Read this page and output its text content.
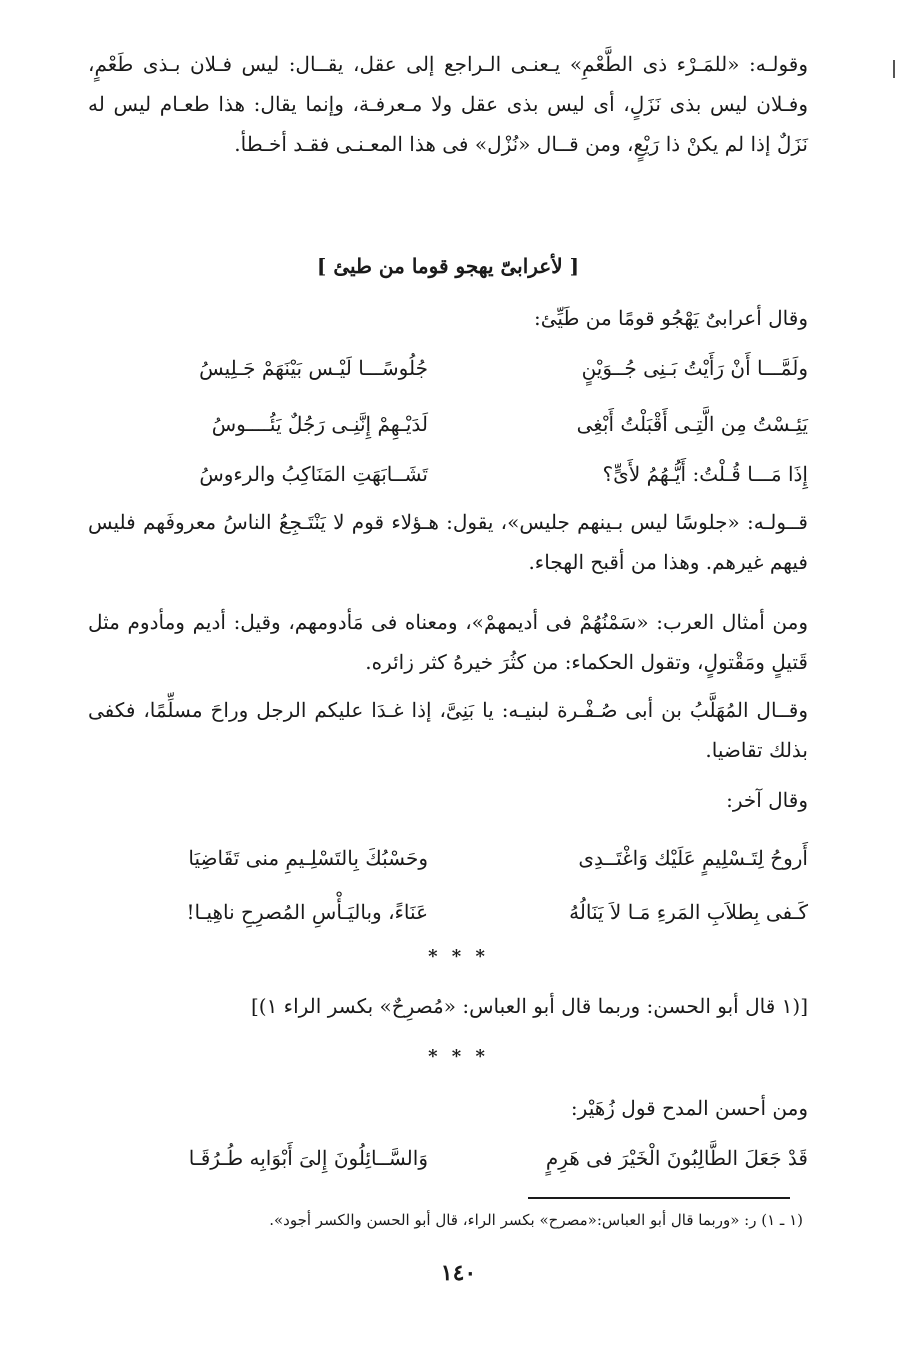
وقولـه: «للمَـرْء ذى الطَّعْمِ» يـعنـى الـراجع إلى عقل، يقــال: ليس فـلان بـذى طَعْمٍ، وفـلان ليس بذى نَزَلٍ، أى ليس بذى عقل ولا مـعرفـة، وإنما يقال: هذا طعـام ليس له نَزَلٌ إذا لم يكنْ ذا رَيْعٍ، ومن قــال «نُزْل» فى هذا المعـنـى فقـد أخـطأ.

[ لأعرابىّ يهجو قوما من طيئ ]

وقال أعرابىٌ يَهْجُو قومًا من طَيِّئ:

ولَمَّـــا أَنْ رَأَيْتُ بَـنِى جُــوَيْنٍ
جُلُوسًـــا لَيْـس بَيْنَهَمْ جَـلِيسُ
يَئِـسْتُ مِن الَّتِـى أَقْبَلْتُ أَبْغِى
لَدَيْـهِمْ إِنَّنِـى رَجُلٌ يَئُــــوسُ
إِذَا مَـــا قُـلْتُ: أَيُّـهُمُ لأَىٍّ؟
تَشَــابَهَتِ المَنَاكِبُ والرءوسُ

قــولـه: «جلوسًا ليس بـينهم جليس»، يقول: هـؤلاء قوم لا يَنْتَـجِعُ الناسُ معروفَهم فليس فيهم غيرهم. وهذا من أقبح الهجاء.

ومن أمثال العرب: «سَمْنُهُمْ فى أديمهمْ»، ومعناه فى مَأدومهم، وقيل: أديم ومأدوم مثل قَتيلٍ ومَقْتولٍ، وتقول الحكماء: من كثُرَ خيرهُ كثر زائره.

وقــال المُهَلَّبُ بن أبى صُـفْـرة لبنيـه: يا بَنِىَّ، إذا غـدَا عليكم الرجل وراحَ مسلِّمًا، فكفى بذلك تقاضيا.

وقال آخر:

أَروحُ لِتَـسْلِيمٍ عَلَيْك وَاغْتَــدِى
وحَسْبُكَ بِالتَسْلِـيمِ منى تَقَاضِيَا
كَـفى بِطلاَبِ المَرءِ مَـا لاَ يَنَالُهُ
عَنَاءً، وباليَـأْسِ المُصرِحِ ناهِيـا!
* * *

[(١ قال أبو الحسن: وربما قال أبو العباس: «مُصرِحٌ» بكسر الراء ١)]

* * *

ومن أحسن المدح قول زُهَيْر:

قَدْ جَعَلَ الطَّالِبُونَ الْخَيْرَ فى هَرِمٍ
وَالسَّــائِلُونَ إِلىَ أَبْوَابِه طُـرُقَـا
(١ ـ ١) ر: «وربما قال أبو العباس:«مصرح» بكسر الراء، قال أبو الحسن والكسر أجود».
١٤٠
